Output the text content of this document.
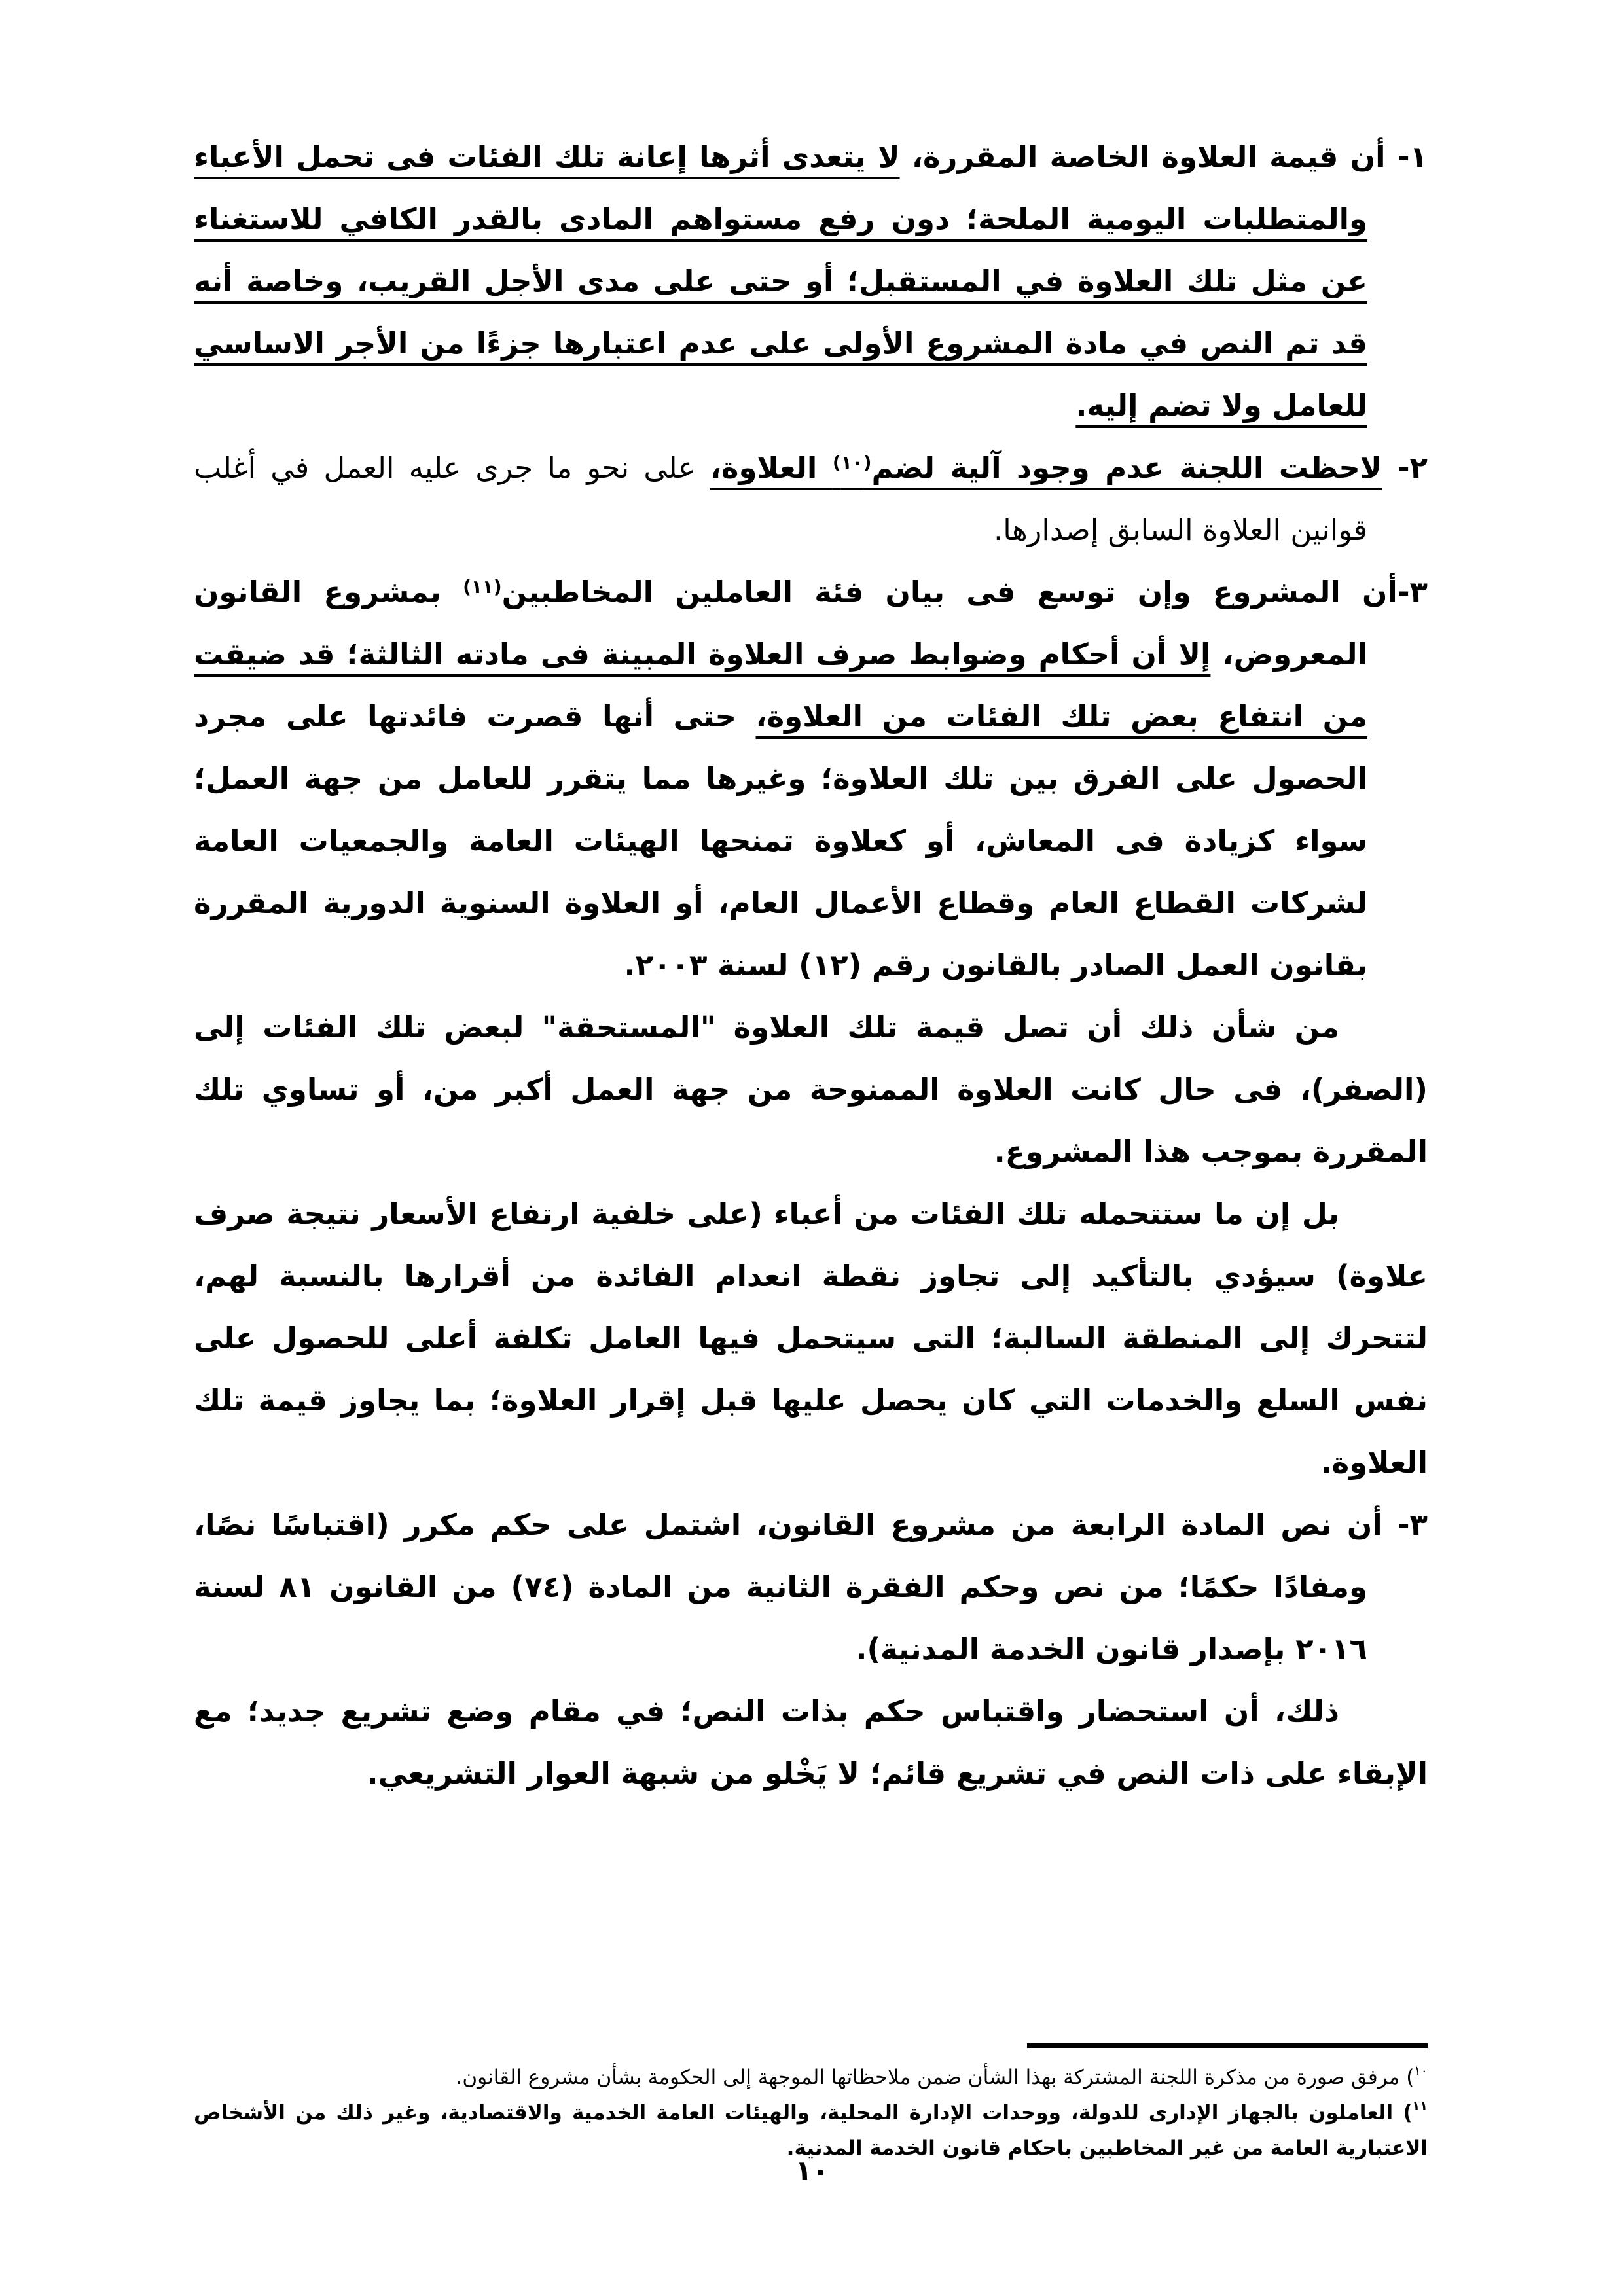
١- أن قيمة العلاوة الخاصة المقررة، لا يتعدى أثرها إعانة تلك الفئات فى تحمل الأعباء والمتطلبات اليومية الملحة؛ دون رفع مستواهم المادى بالقدر الكافي للاستغناء عن مثل تلك العلاوة في المستقبل؛ أو حتى على مدى الأجل القريب، وخاصة أنه قد تم النص في مادة المشروع الأولى على عدم اعتبارها جزءًا من الأجر الاساسي للعامل ولا تضم إليه.

٢- لاحظت اللجنة عدم وجود آلية لضم$^{(١٠)}$ العلاوة، على نحو ما جرى عليه العمل في أغلب قوانين العلاوة السابق إصدارها.

٣-أن المشروع وإن توسع فى بيان فئة العاملين المخاطبين$^{(١١)}$ بمشروع القانون المعروض، إلا أن أحكام وضوابط صرف العلاوة المبينة فى مادته الثالثة؛ قد ضيقت من انتفاع بعض تلك الفئات من العلاوة، حتى أنها قصرت فائدتها على مجرد الحصول على الفرق بين تلك العلاوة؛ وغيرها مما يتقرر للعامل من جهة العمل؛ سواء كزيادة فى المعاش، أو كعلاوة تمنحها الهيئات العامة والجمعيات العامة لشركات القطاع العام وقطاع الأعمال العام، أو العلاوة السنوية الدورية المقررة بقانون العمل الصادر بالقانون رقم (١٢) لسنة ٢٠٠٣.

من شأن ذلك أن تصل قيمة تلك العلاوة "المستحقة" لبعض تلك الفئات إلى (الصفر)، فى حال كانت العلاوة الممنوحة من جهة العمل أكبر من، أو تساوي تلك المقررة بموجب هذا المشروع.

بل إن ما ستتحمله تلك الفئات من أعباء (على خلفية ارتفاع الأسعار نتيجة صرف علاوة) سيؤدي بالتأكيد إلى تجاوز نقطة انعدام الفائدة من أقرارها بالنسبة لهم، لتتحرك إلى المنطقة السالبة؛ التى سيتحمل فيها العامل تكلفة أعلى للحصول على نفس السلع والخدمات التي كان يحصل عليها قبل إقرار العلاوة؛ بما يجاوز قيمة تلك العلاوة.

٣- أن نص المادة الرابعة من مشروع القانون، اشتمل على حكم مكرر (اقتباسًا نصًا، ومفادًا حكمًا؛ من نص وحكم الفقرة الثانية من المادة (٧٤) من القانون ٨١ لسنة ٢٠١٦ بإصدار قانون الخدمة المدنية).

ذلك، أن استحضار واقتباس حكم بذات النص؛ في مقام وضع تشريع جديد؛ مع الإبقاء على ذات النص في تشريع قائم؛ لا يَخْلو من شبهة العوار التشريعي.

$^{١٠}$) مرفق صورة من مذكرة اللجنة المشتركة بهذا الشأن ضمن ملاحظاتها الموجهة إلى الحكومة بشأن مشروع القانون.

$^{١١}$) العاملون بالجهاز الإدارى للدولة، ووحدات الإدارة المحلية، والهيئات العامة الخدمية والاقتصادية، وغير ذلك من الأشخاص الاعتبارية العامة من غير المخاطبين باحكام قانون الخدمة المدنية.

١٠
